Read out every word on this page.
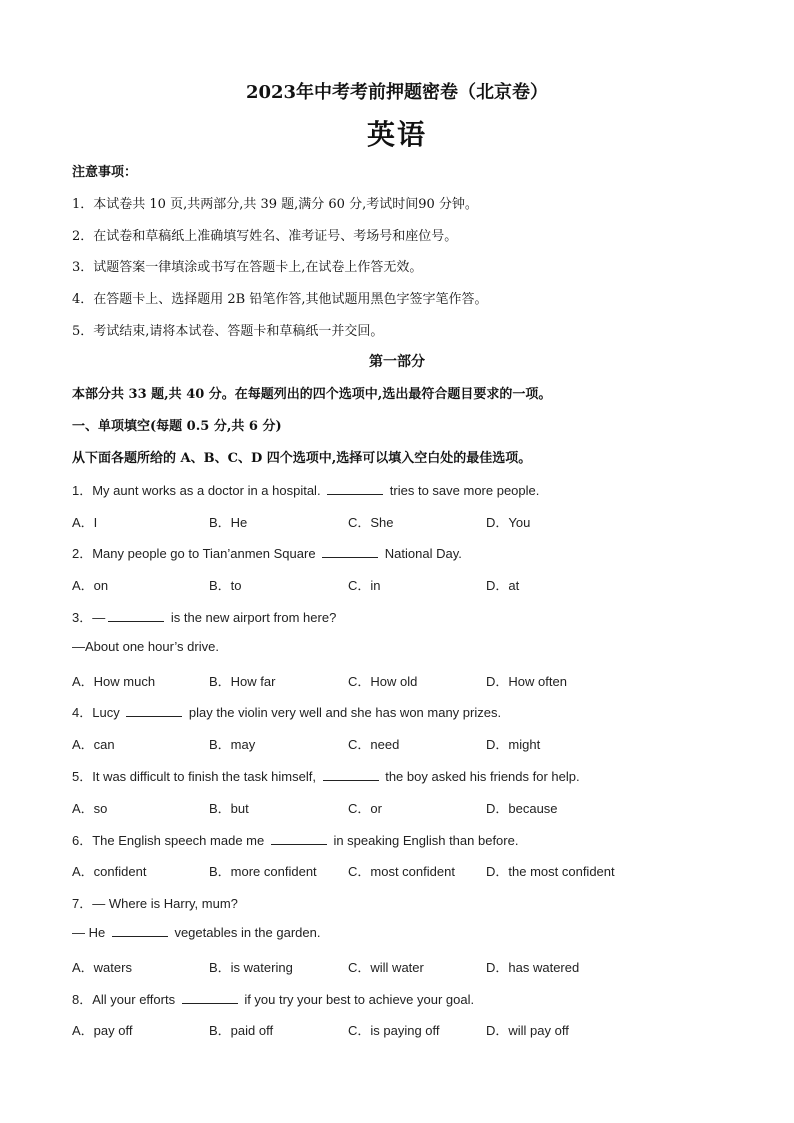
2023年中考考前押题密卷（北京卷）
英语
注意事项：
1．本试卷共 10 页,共两部分,共 39 题,满分 60 分,考试时间90 分钟。
2．在试卷和草稿纸上准确填写姓名、准考证号、考场号和座位号。
3．试题答案一律填涂或书写在答题卡上,在试卷上作答无效。
4．在答题卡上、选择题用 2B 铅笔作答,其他试题用黑色字签字笔作答。
5．考试结束,请将本试卷、答题卡和草稿纸一并交回。
第一部分
本部分共 33 题,共 40 分。在每题列出的四个选项中,选出最符合题目要求的一项。
一、单项填空(每题 0.5 分,共 6 分)
从下面各题所给的 A、B、C、D 四个选项中,选择可以填入空白处的最佳选项。
1．My aunt works as a doctor in a hospital.	tries to save more people.
A．I	B．He	C．She	D．You
2．Many people go to Tian’anmen Square	National Day.
A．on	B．to	C．in	D．at
3．—	is the new airport from here?
—About one hour’s drive.
A．How much	B．How far	C．How old	D．How often
4．Lucy	play the violin very well and she has won many prizes.
A．can	B．may	C．need	D．might
5．It was difficult to finish the task himself,	the boy asked his friends for help.
A．so	B．but	C．or	D．because
6．The English speech made me	in speaking English than before.
A．confident	B．more confident C．most confident D．the most confident
7．— Where is Harry, mum?
— He	vegetables in the garden.
A．waters	B．is watering	C．will water	D．has watered
8．All your efforts	if you try your best to achieve your goal.
A．pay off	B．paid off	C．is paying off	D．will pay off
